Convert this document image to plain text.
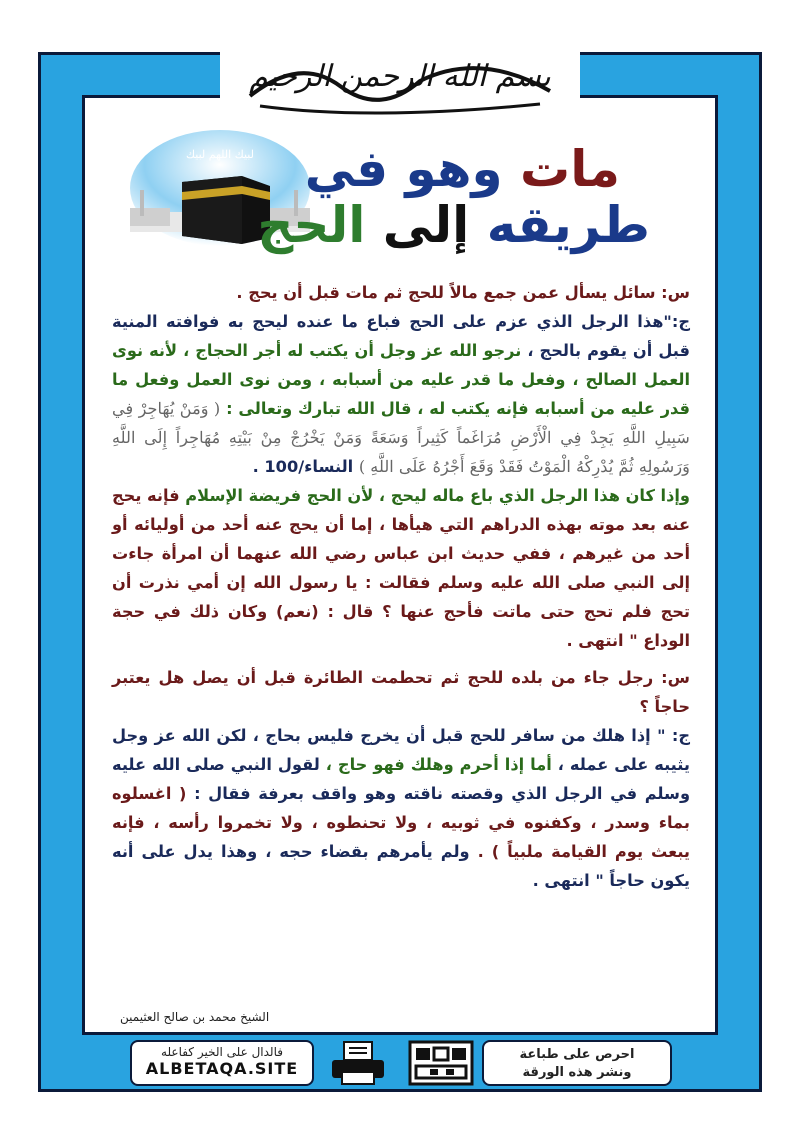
بسم الله الرحمن الرحيم
لبيك اللهم لبيك	مات وهو في
طريقه إلى الحج

س: سائل يسأل عمن جمع مالاً للحج ثم مات قبل أن يحج .

ج:"هذا الرجل الذي عزم على الحج فباع ما عنده ليحج به فوافته المنية قبل أن يقوم بالحج ، نرجو الله عز وجل أن يكتب له أجر الحجاج ، لأنه نوى العمل الصالح ، وفعل ما قدر عليه من أسبابه ، ومن نوى العمل وفعل ما قدر عليه من أسبابه فإنه يكتب له ، قال الله تبارك وتعالى : ( وَمَنْ يُهَاجِرْ فِي سَبِيلِ اللَّهِ يَجِدْ فِي الْأَرْضِ مُرَاغَماً كَثِيراً وَسَعَةً وَمَنْ يَخْرُجْ مِنْ بَيْتِهِ مُهَاجِراً إِلَى اللَّهِ وَرَسُولِهِ ثُمَّ يُدْرِكْهُ الْمَوْتُ فَقَدْ وَقَعَ أَجْرُهُ عَلَى اللَّهِ ) النساء/100 .

وإذا كان هذا الرجل الذي باع ماله ليحج ، لأن الحج فريضة الإسلام فإنه يحج عنه بعد موته بهذه الدراهم التي هيأها ، إما أن يحج عنه أحد من أوليائه أو أحد من غيرهم ، ففي حديث ابن عباس رضي الله عنهما أن امرأة جاءت إلى النبي صلى الله عليه وسلم فقالت : يا رسول الله إن أمي نذرت أن تحج فلم تحج حتى ماتت فأحج عنها ؟ قال : (نعم) وكان ذلك في حجة الوداع " انتهى .

س: رجل جاء من بلده للحج ثم تحطمت الطائرة قبل أن يصل هل يعتبر حاجاً ؟

ج: " إذا هلك من سافر للحج قبل أن يخرج فليس بحاج ، لكن الله عز وجل يثيبه على عمله ، أما إذا أحرم وهلك فهو حاج ، لقول النبي صلى الله عليه وسلم في الرجل الذي وقصته ناقته وهو واقف بعرفة فقال : ( اغسلوه بماء وسدر ، وكفنوه في ثوبيه ، ولا تحنطوه ، ولا تخمروا رأسه ، فإنه يبعث يوم القيامة ملبياً ) . ولم يأمرهم بقضاء حجه ، وهذا يدل على أنه يكون حاجاً " انتهى .

الشيخ محمد بن صالح العثيمين
فالدال على الخير كفاعله
ALBETAQA.SITE
احرص على طباعة
ونشر هذه الورقة
